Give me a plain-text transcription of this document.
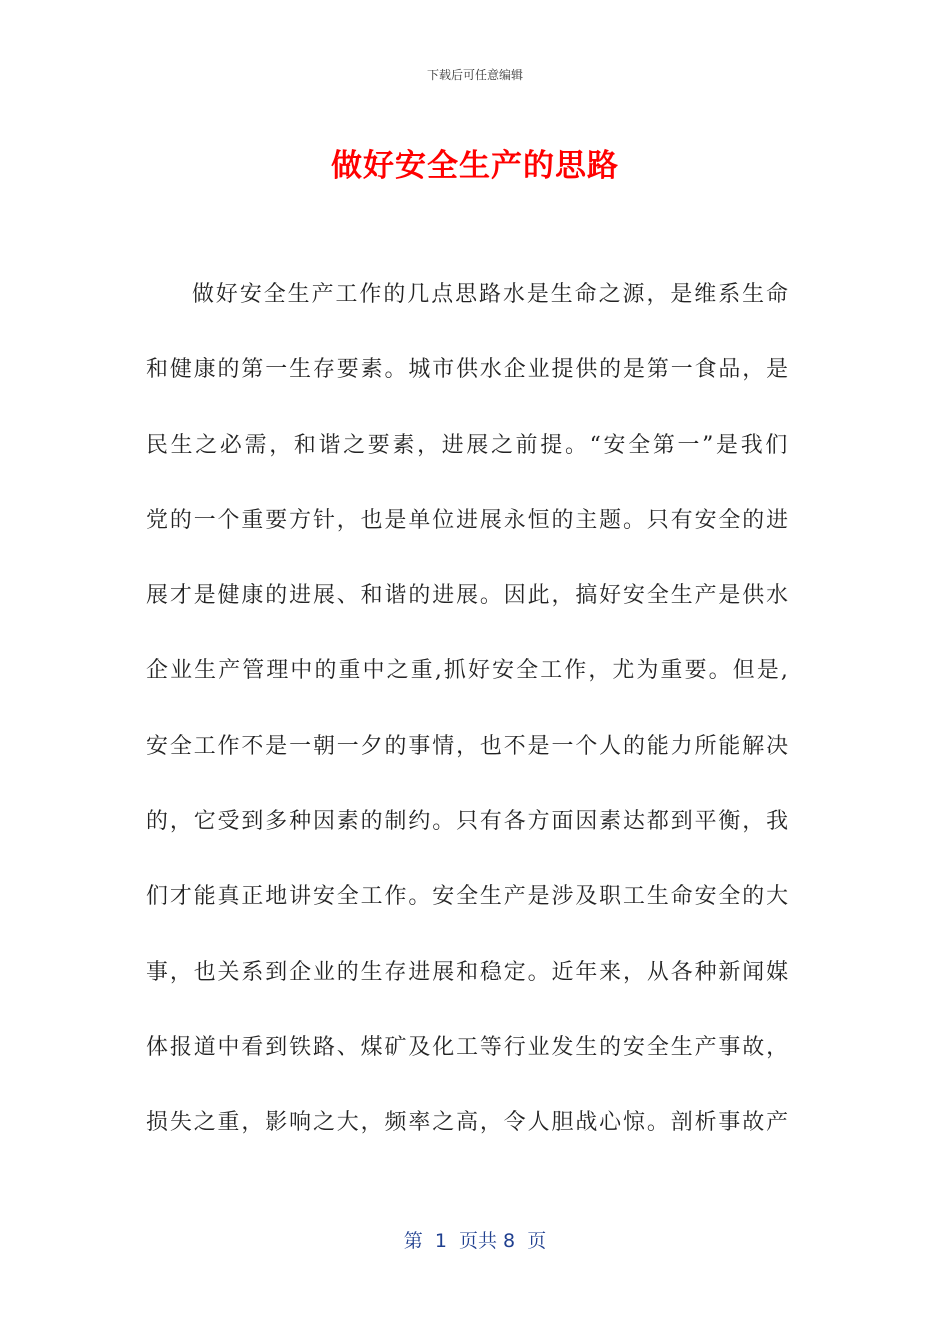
下载后可任意编辑
做好安全生产的思路
做好安全生产工作的几点思路水是生命之源，是维系生命
和健康的第一生存要素。城市供水企业提供的是第一食品，是
民生之必需，和谐之要素，进展之前提。“安全第一”是我们
党的一个重要方针，也是单位进展永恒的主题。只有安全的进
展才是健康的进展、和谐的进展。因此，搞好安全生产是供水
企业生产管理中的重中之重,抓好安全工作，尤为重要。但是,
安全工作不是一朝一夕的事情，也不是一个人的能力所能解决
的，它受到多种因素的制约。只有各方面因素达都到平衡，我
们才能真正地讲安全工作。安全生产是涉及职工生命安全的大
事，也关系到企业的生存进展和稳定。近年来，从各种新闻媒
体报道中看到铁路、煤矿及化工等行业发生的安全生产事故，
损失之重，影响之大，频率之高，令人胆战心惊。剖析事故产
第  1  页共 8  页
